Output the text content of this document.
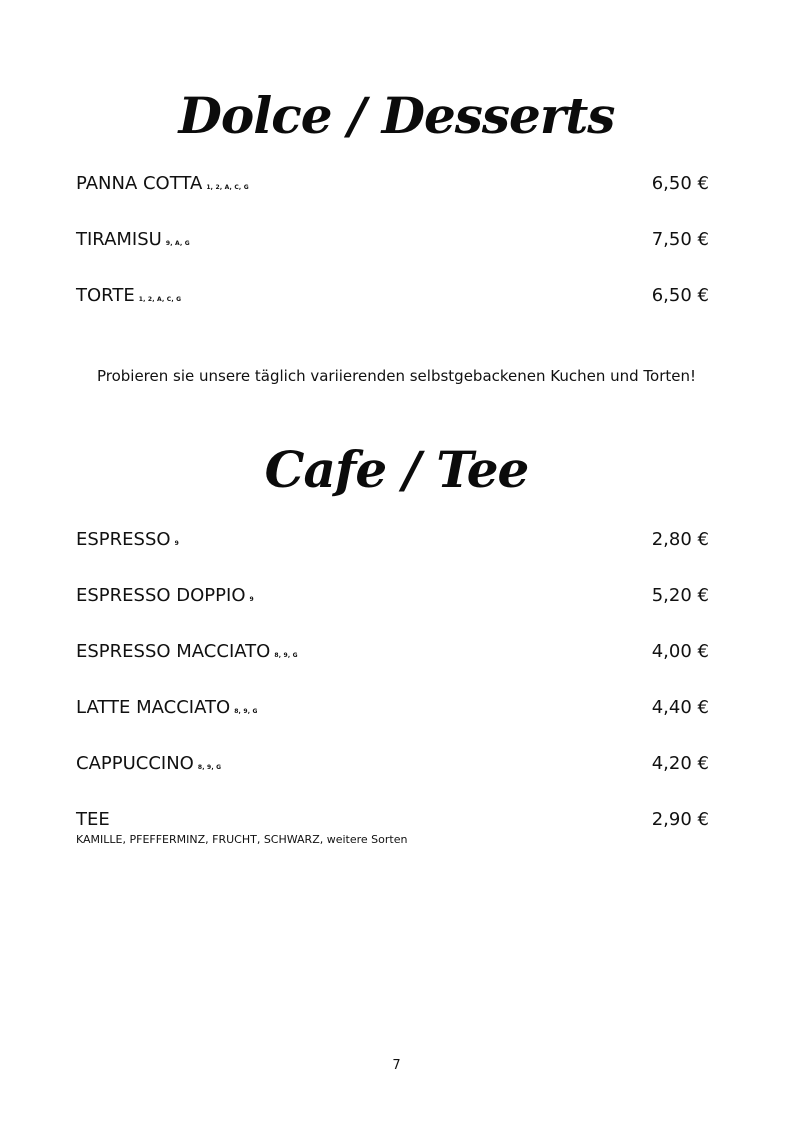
Dolce / Desserts
PANNA COTTA 1, 2, A, C, G	6,50 €
TIRAMISU 9, A, G	7,50 €
TORTE 1, 2, A, C, G	6,50 €
Probieren sie unsere täglich variierenden selbstgebackenen Kuchen und Torten!
Cafe / Tee
ESPRESSO 9	2,80 €
ESPRESSO DOPPIO 9	5,20 €
ESPRESSO MACCIATO 8, 9, G	4,00 €
LATTE MACCIATO 8, 9, G	4,40 €
CAPPUCCINO 8, 9, G	4,20 €
TEE	2,90 €
KAMILLE, PFEFFERMINZ, FRUCHT, SCHWARZ, weitere Sorten
7
